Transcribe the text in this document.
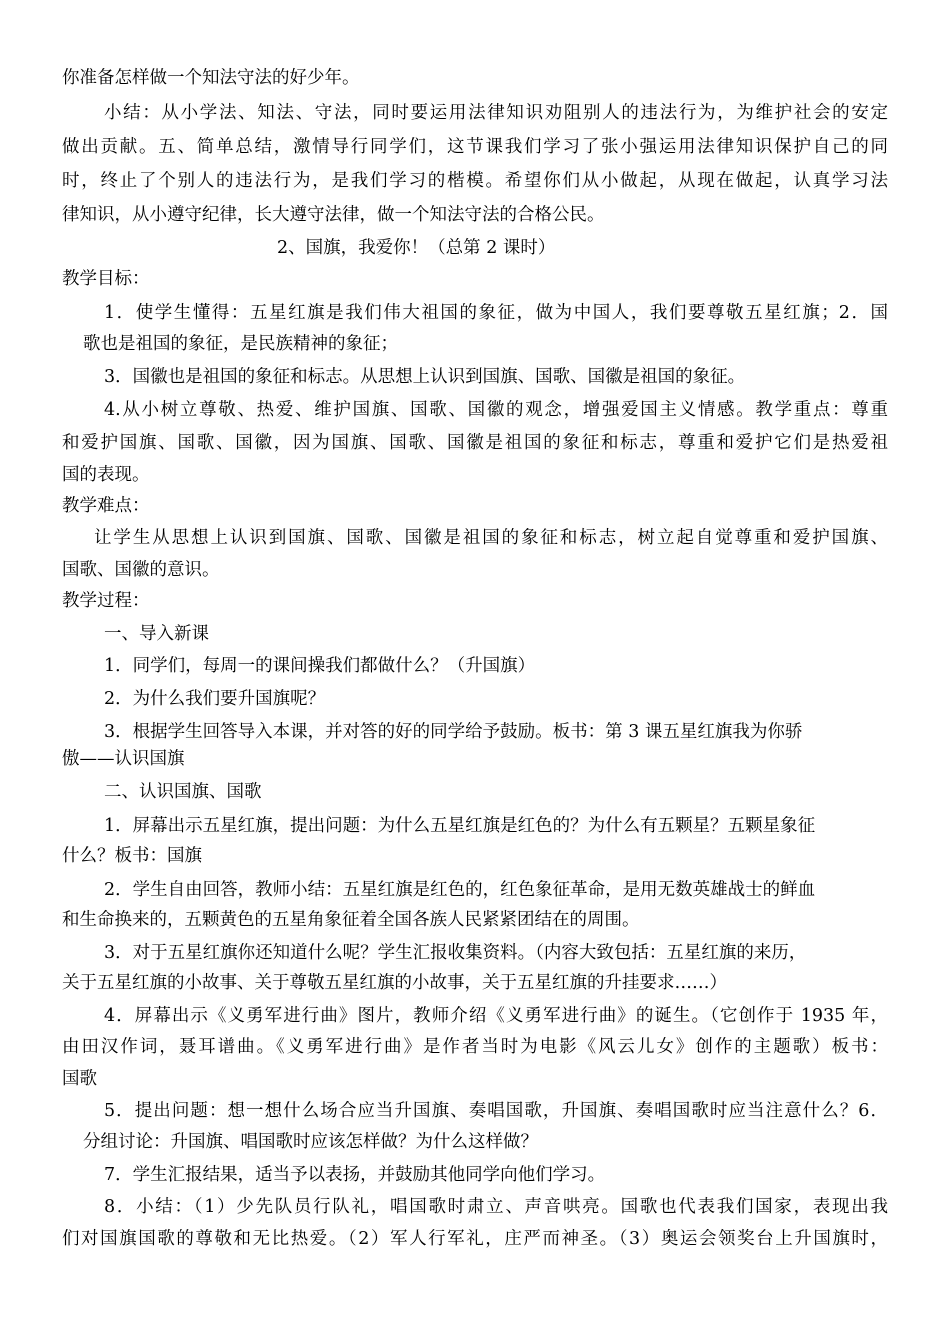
你准备怎样做一个知法守法的好少年。
小结：从小学法、知法、守法，同时要运用法律知识劝阻别人的违法行为，为维护社会的安定
做出贡献。五、简单总结，激情导行同学们，这节课我们学习了张小强运用法律知识保护自己的同
时，终止了个别人的违法行为，是我们学习的楷模。希望你们从小做起，从现在做起，认真学习法
律知识，从小遵守纪律，长大遵守法律，做一个知法守法的合格公民。
2、国旗，我爱你！（总第 2 课时）
教学目标：
1．使学生懂得：五星红旗是我们伟大祖国的象征，做为中国人，我们要尊敬五星红旗；2．国
歌也是祖国的象征，是民族精神的象征；
3．国徽也是祖国的象征和标志。从思想上认识到国旗、国歌、国徽是祖国的象征。
4.从小树立尊敬、热爱、维护国旗、国歌、国徽的观念，增强爱国主义情感。教学重点：尊重
和爱护国旗、国歌、国徽，因为国旗、国歌、国徽是祖国的象征和标志，尊重和爱护它们是热爱祖
国的表现。
教学难点：
让学生从思想上认识到国旗、国歌、国徽是祖国的象征和标志，树立起自觉尊重和爱护国旗、
国歌、国徽的意识。
教学过程：
一、导入新课
1．同学们，每周一的课间操我们都做什么？（升国旗）
2．为什么我们要升国旗呢？
3．根据学生回答导入本课，并对答的好的同学给予鼓励。板书：第 3 课五星红旗我为你骄
傲——认识国旗
二、认识国旗、国歌
1．屏幕出示五星红旗，提出问题：为什么五星红旗是红色的？为什么有五颗星？五颗星象征
什么？板书：国旗
2．学生自由回答，教师小结：五星红旗是红色的，红色象征革命，是用无数英雄战士的鲜血
和生命换来的，五颗黄色的五星角象征着全国各族人民紧紧团结在的周围。
3．对于五星红旗你还知道什么呢？学生汇报收集资料。（内容大致包括：五星红旗的来历，
关于五星红旗的小故事、关于尊敬五星红旗的小故事，关于五星红旗的升挂要求……）
4．屏幕出示《义勇军进行曲》图片，教师介绍《义勇军进行曲》的诞生。（它创作于 1935 年，
由田汉作词，聂耳谱曲。《义勇军进行曲》是作者当时为电影《风云儿女》创作的主题歌）板书：
国歌
5．提出问题：想一想什么场合应当升国旗、奏唱国歌，升国旗、奏唱国歌时应当注意什么？6．
分组讨论：升国旗、唱国歌时应该怎样做？为什么这样做？
7．学生汇报结果，适当予以表扬，并鼓励其他同学向他们学习。
8．小结：（1）少先队员行队礼，唱国歌时肃立、声音哄亮。国歌也代表我们国家，表现出我
们对国旗国歌的尊敬和无比热爱。（2）军人行军礼，庄严而神圣。（3）奥运会领奖台上升国旗时，
